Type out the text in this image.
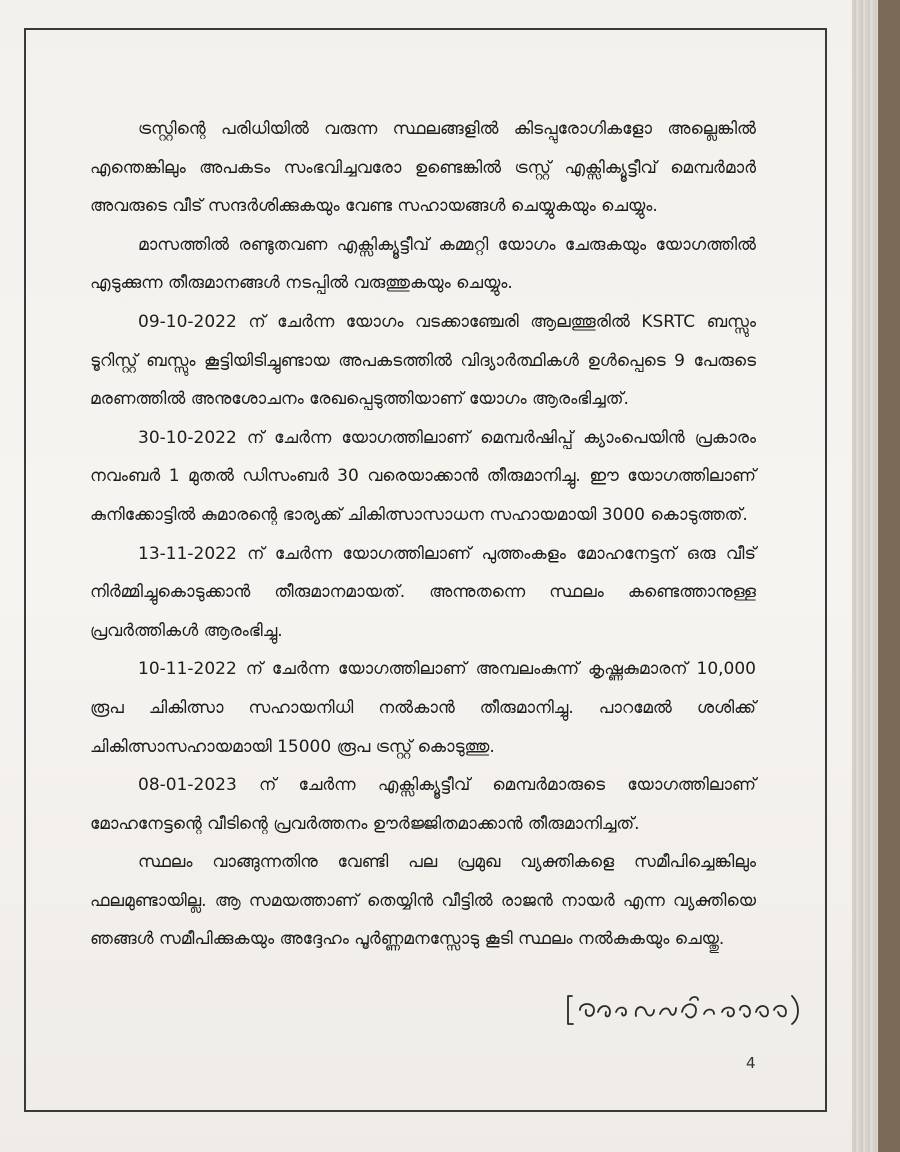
ട്രസ്റ്റിന്റെ പരിധിയിൽ വരുന്ന സ്ഥലങ്ങളിൽ കിടപ്പുരോഗികളോ അല്ലെങ്കിൽ എന്തെങ്കിലും അപകടം സംഭവിച്ചവരോ ഉണ്ടെങ്കിൽ ട്രസ്റ്റ് എക്സിക്യൂട്ടീവ് മെമ്പർമാർ അവരുടെ വീട് സന്ദർശിക്കുകയും വേണ്ട സഹായങ്ങൾ ചെയ്യുകയും ചെയ്യും.

മാസത്തിൽ രണ്ടുതവണ എക്സിക്യൂട്ടീവ് കമ്മറ്റി യോഗം ചേരുകയും യോഗത്തിൽ എടുക്കുന്ന തീരുമാനങ്ങൾ നടപ്പിൽ വരുത്തുകയും ചെയ്യും.

09-10-2022 ന് ചേർന്ന യോഗം വടക്കാഞ്ചേരി ആലത്തൂരിൽ KSRTC ബസ്സും ടൂറിസ്റ്റ് ബസ്സും കൂട്ടിയിടിച്ചുണ്ടായ അപകടത്തിൽ വിദ്യാർത്ഥികൾ ഉൾപ്പെടെ 9 പേരുടെ മരണത്തിൽ അനുശോചനം രേഖപ്പെടുത്തിയാണ് യോഗം ആരംഭിച്ചത്.

30-10-2022 ന് ചേർന്ന യോഗത്തിലാണ് മെമ്പർഷിപ്പ് ക്യാംപെയിൻ പ്രകാരം നവംബർ 1 മുതൽ ഡിസംബർ 30 വരെയാക്കാൻ തീരുമാനിച്ചു. ഈ യോഗത്തിലാണ് കുനിക്കോട്ടിൽ കുമാരന്റെ ഭാര്യക്ക് ചികിത്സാസാധന സഹായമായി 3000 കൊടുത്തത്.

13-11-2022 ന് ചേർന്ന യോഗത്തിലാണ് പുത്തംകളം മോഹനേട്ടന് ഒരു വീട് നിർമ്മിച്ചുകൊടുക്കാൻ തീരുമാനമായത്. അന്നുതന്നെ സ്ഥലം കണ്ടെത്താനുള്ള പ്രവർത്തികൾ ആരംഭിച്ചു.

10-11-2022 ന് ചേർന്ന യോഗത്തിലാണ് അമ്പലംകുന്ന് കൃഷ്ണകുമാരന് 10,000 രൂപ ചികിത്സാ സഹായനിധി നൽകാൻ തീരുമാനിച്ചു. പാറമേൽ ശശിക്ക് ചികിത്സാസഹായമായി 15000 രൂപ ട്രസ്റ്റ് കൊടുത്തു.

08-01-2023 ന് ചേർന്ന എക്സിക്യൂട്ടീവ് മെമ്പർമാരുടെ യോഗത്തിലാണ് മോഹനേട്ടന്റെ വീടിന്റെ പ്രവർത്തനം ഊർജ്ജിതമാക്കാൻ തീരുമാനിച്ചത്.

സ്ഥലം വാങ്ങുന്നതിനു വേണ്ടി പല പ്രമുഖ വ്യക്തികളെ സമീപിച്ചെങ്കിലും ഫലമുണ്ടായില്ല. ആ സമയത്താണ് തെയ്യിൻ വീട്ടിൽ രാജൻ നായർ എന്ന വ്യക്തിയെ ഞങ്ങൾ സമീപിക്കുകയും അദ്ദേഹം പൂർണ്ണമനസ്സോടു കൂടി സ്ഥലം നൽകുകയും ചെയ്തു.

4
